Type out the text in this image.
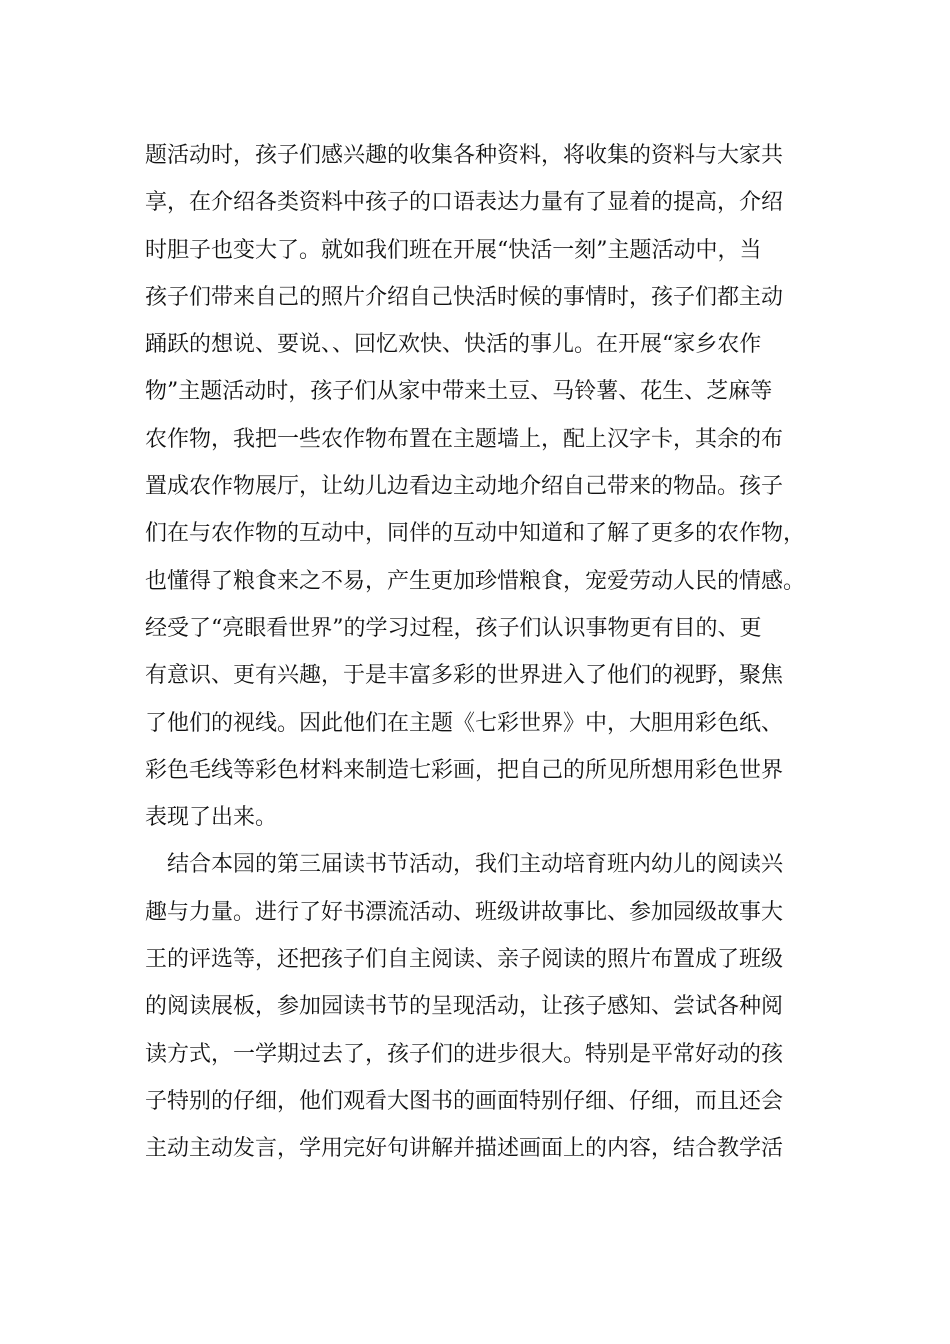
题活动时，孩子们感兴趣的收集各种资料，将收集的资料与大家共
享，在介绍各类资料中孩子的口语表达力量有了显着的提高，介绍
时胆子也变大了。就如我们班在开展“快活一刻”主题活动中，当
孩子们带来自己的照片介绍自己快活时候的事情时，孩子们都主动
踊跃的想说、要说、、回忆欢快、快活的事儿。在开展“家乡农作
物”主题活动时，孩子们从家中带来土豆、马铃薯、花生、芝麻等
农作物，我把一些农作物布置在主题墙上，配上汉字卡，其余的布
置成农作物展厅，让幼儿边看边主动地介绍自己带来的物品。孩子
们在与农作物的互动中，同伴的互动中知道和了解了更多的农作物，
也懂得了粮食来之不易，产生更加珍惜粮食，宠爱劳动人民的情感。
经受了“亮眼看世界”的学习过程，孩子们认识事物更有目的、更
有意识、更有兴趣，于是丰富多彩的世界进入了他们的视野，聚焦
了他们的视线。因此他们在主题《七彩世界》中，大胆用彩色纸、
彩色毛线等彩色材料来制造七彩画，把自己的所见所想用彩色世界
表现了出来。
结合本园的第三届读书节活动，我们主动培育班内幼儿的阅读兴
趣与力量。进行了好书漂流活动、班级讲故事比、参加园级故事大
王的评选等，还把孩子们自主阅读、亲子阅读的照片布置成了班级
的阅读展板，参加园读书节的呈现活动，让孩子感知、尝试各种阅
读方式，一学期过去了，孩子们的进步很大。特别是平常好动的孩
子特别的仔细，他们观看大图书的画面特别仔细、仔细，而且还会
主动主动发言，学用完好句讲解并描述画面上的内容，结合教学活
